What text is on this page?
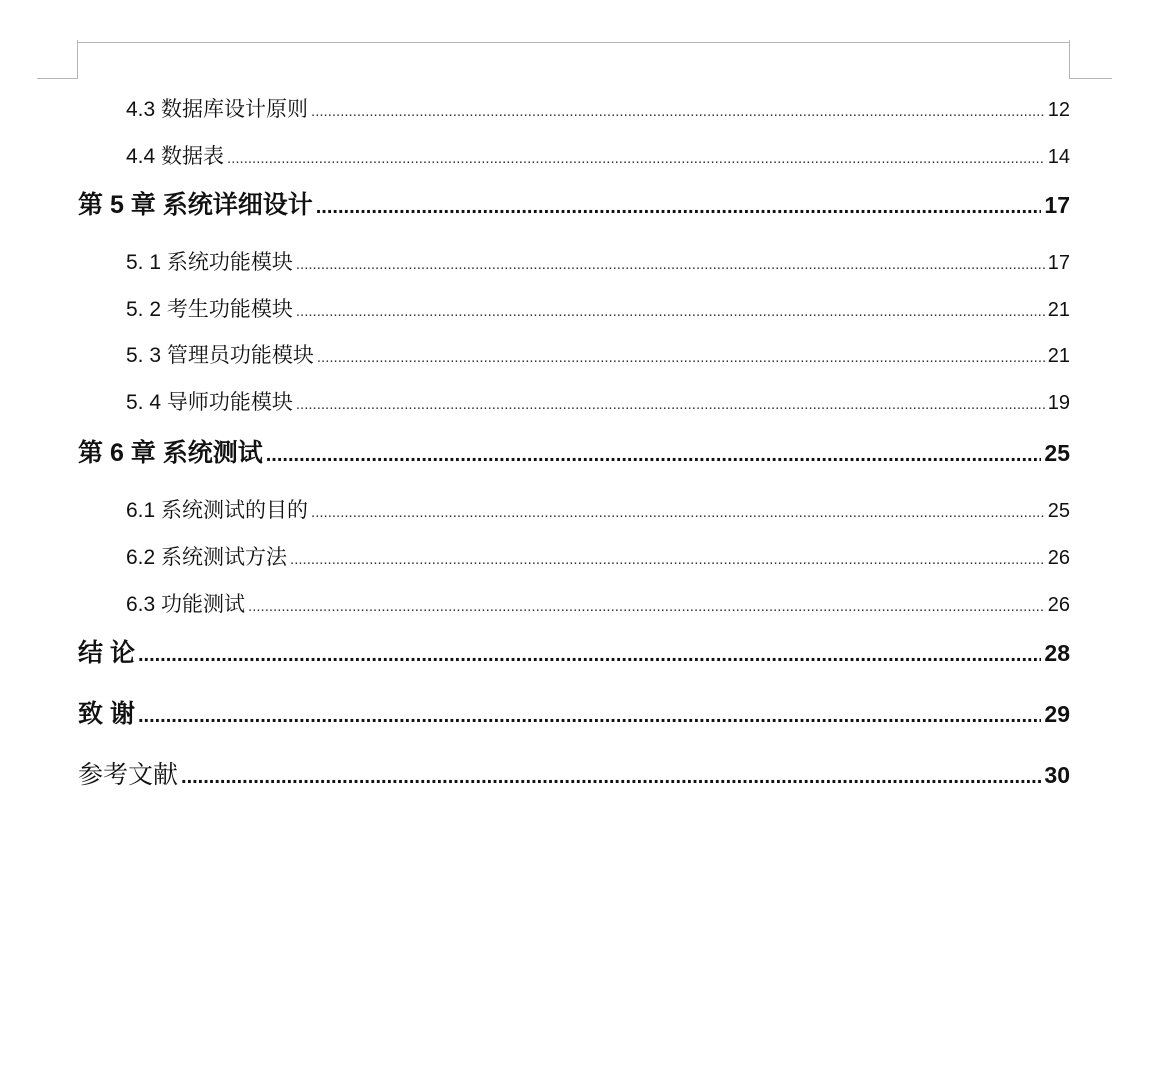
4.3 数据库设计原则 .....	12
4.4 数据表 .....	14
第 5 章 系统详细设计 .....	17
5. 1 系统功能模块 .....	17
5. 2 考生功能模块 .....	21
5. 3 管理员功能模块 .....	21
5. 4 导师功能模块 .....	19
第 6 章 系统测试 .....	25
6.1 系统测试的目的 .....	25
6.2 系统测试方法 .....	26
6.3 功能测试 .....	26
结 论 .....	28
致 谢 .....	29
参考文献 .....	30
